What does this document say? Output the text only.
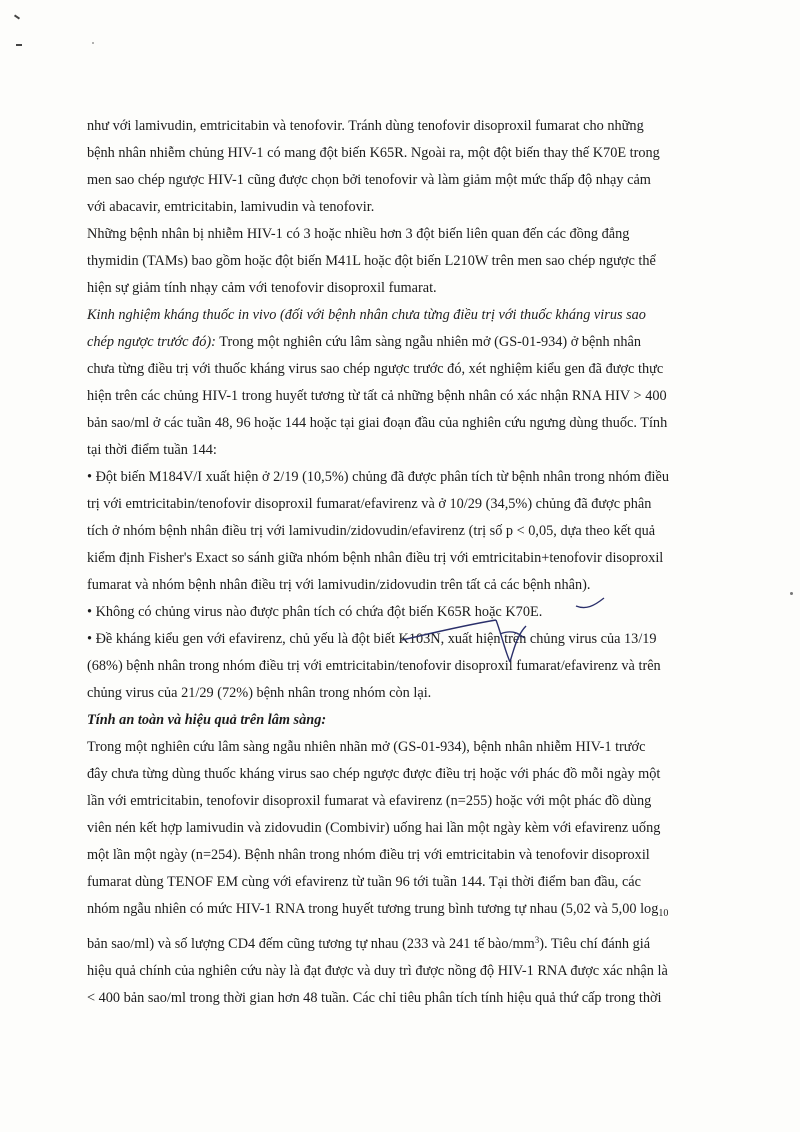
như với lamivudin, emtricitabin và tenofovir. Tránh dùng tenofovir disoproxil fumarat cho những

bệnh nhân nhiễm chủng HIV-1 có mang đột biến K65R. Ngoài ra, một đột biến thay thế K70E trong

men sao chép ngược HIV-1 cũng được chọn bởi tenofovir và làm giảm một mức thấp độ nhạy cảm

với abacavir, emtricitabin, lamivudin và tenofovir.

Những bệnh nhân bị nhiễm HIV-1 có 3 hoặc nhiều hơn 3 đột biến liên quan đến các đồng đẳng

thymidin (TAMs) bao gồm hoặc đột biến M41L hoặc đột biến L210W trên men sao chép ngược thể

hiện sự giảm tính nhạy cảm với tenofovir disoproxil fumarat.

Kinh nghiệm kháng thuốc in vivo (đối với bệnh nhân chưa từng điều trị với thuốc kháng virus sao

chép ngược trước đó): Trong một nghiên cứu lâm sàng ngẫu nhiên mở (GS-01-934) ở bệnh nhân

chưa từng điều trị với thuốc kháng virus sao chép ngược trước đó, xét nghiệm kiểu gen đã được thực

hiện trên các chủng HIV-1 trong huyết tương từ tất cả những bệnh nhân có xác nhận RNA HIV > 400

bản sao/ml ở các tuần 48, 96 hoặc 144 hoặc tại giai đoạn đầu của nghiên cứu ngưng dùng thuốc. Tính

tại thời điểm tuần 144:

• Đột biến M184V/I xuất hiện ở 2/19 (10,5%) chủng đã được phân tích từ bệnh nhân trong nhóm điều

trị với emtricitabin/tenofovir disoproxil fumarat/efavirenz và ở 10/29 (34,5%) chủng đã được phân

tích ở nhóm bệnh nhân điều trị với lamivudin/zidovudin/efavirenz (trị số p < 0,05, dựa theo kết quả

kiểm định Fisher's Exact so sánh giữa nhóm bệnh nhân điều trị với emtricitabin+tenofovir disoproxil

fumarat và nhóm bệnh nhân điều trị với lamivudin/zidovudin trên tất cả các bệnh nhân).

• Không có chủng virus nào được phân tích có chứa đột biến K65R hoặc K70E.

• Đề kháng kiểu gen với efavirenz, chủ yếu là đột biết K103N, xuất hiện trên chủng virus của 13/19

(68%) bệnh nhân trong nhóm điều trị với emtricitabin/tenofovir disoproxil fumarat/efavirenz và trên

chủng virus của 21/29 (72%) bệnh nhân trong nhóm còn lại.

Tính an toàn và hiệu quả trên lâm sàng:

Trong một nghiên cứu lâm sàng ngẫu nhiên nhãn mở (GS-01-934), bệnh nhân nhiễm HIV-1 trước

đây chưa từng dùng thuốc kháng virus sao chép ngược được điều trị hoặc với phác đồ mỗi ngày một

lần với emtricitabin, tenofovir disoproxil fumarat và efavirenz (n=255) hoặc với một phác đồ dùng

viên nén kết hợp lamivudin và zidovudin (Combivir) uống hai lần một ngày kèm với efavirenz uống

một lần một ngày (n=254). Bệnh nhân trong nhóm điều trị với emtricitabin và tenofovir disoproxil

fumarat dùng TENOF EM cùng với efavirenz từ tuần 96 tới tuần 144. Tại thời điểm ban đầu, các

nhóm ngẫu nhiên có mức HIV-1 RNA trong huyết tương trung bình tương tự nhau (5,02 và 5,00 $\log_{10}$

bản sao/ml) và số lượng CD4 đếm cũng tương tự nhau (233 và 241 tế bào/$mm^3$). Tiêu chí đánh giá

hiệu quả chính của nghiên cứu này là đạt được và duy trì được nồng độ HIV-1 RNA được xác nhận là

< 400 bản sao/ml trong thời gian hơn 48 tuần. Các chỉ tiêu phân tích tính hiệu quả thứ cấp trong thời
